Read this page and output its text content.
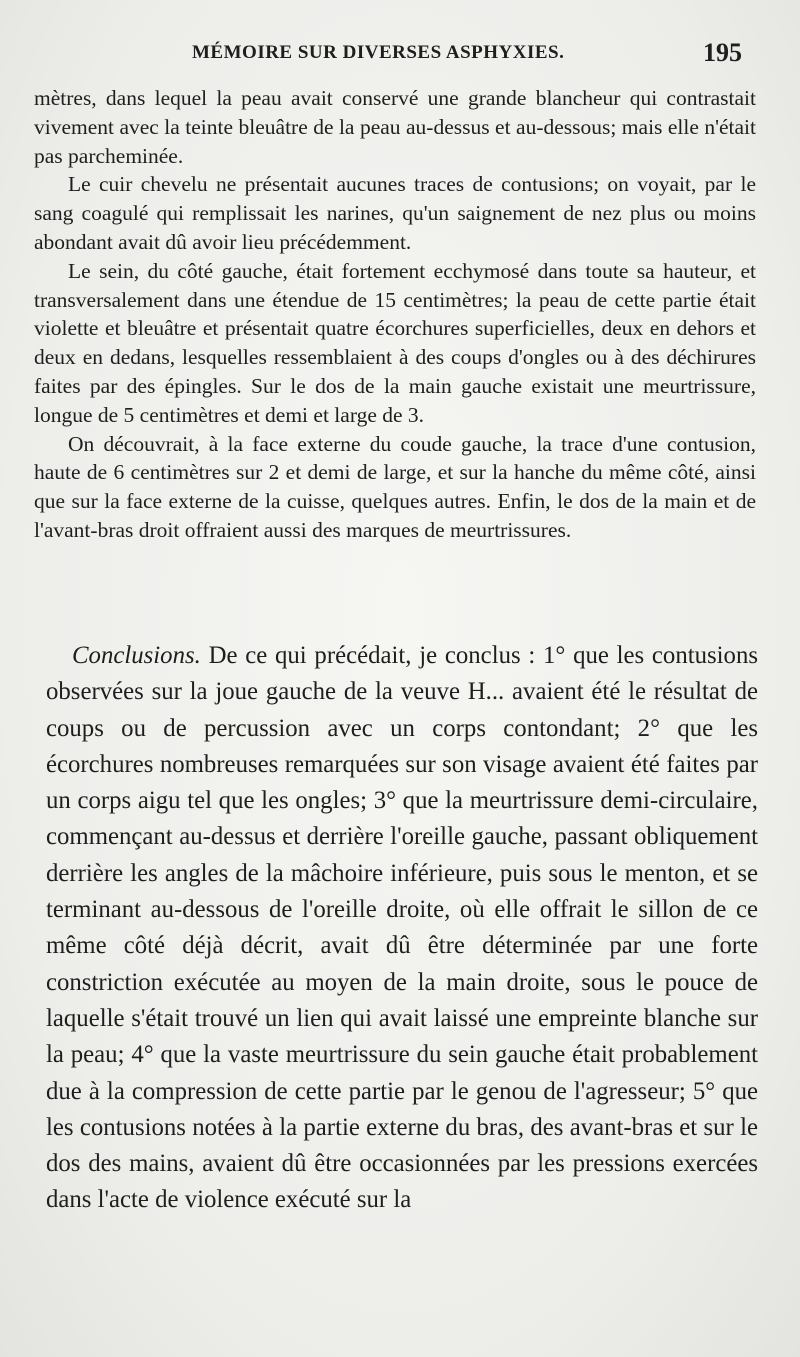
MÉMOIRE SUR DIVERSES ASPHYXIES.	195

mètres, dans lequel la peau avait conservé une grande blancheur qui contrastait vivement avec la teinte bleuâtre de la peau au-dessus et au-dessous; mais elle n'était pas parcheminée.

Le cuir chevelu ne présentait aucunes traces de contusions; on voyait, par le sang coagulé qui remplissait les narines, qu'un saignement de nez plus ou moins abondant avait dû avoir lieu précédemment.

Le sein, du côté gauche, était fortement ecchymosé dans toute sa hauteur, et transversalement dans une étendue de 15 centimètres; la peau de cette partie était violette et bleuâtre et présentait quatre écorchures superficielles, deux en dehors et deux en dedans, lesquelles ressemblaient à des coups d'ongles ou à des déchirures faites par des épingles. Sur le dos de la main gauche existait une meurtrissure, longue de 5 centimètres et demi et large de 3.

On découvrait, à la face externe du coude gauche, la trace d'une contusion, haute de 6 centimètres sur 2 et demi de large, et sur la hanche du même côté, ainsi que sur la face externe de la cuisse, quelques autres. Enfin, le dos de la main et de l'avant-bras droit offraient aussi des marques de meurtrissures.

Conclusions. De ce qui précédait, je conclus : 1° que les contusions observées sur la joue gauche de la veuve H... avaient été le résultat de coups ou de percussion avec un corps contondant; 2° que les écorchures nombreuses remarquées sur son visage avaient été faites par un corps aigu tel que les ongles; 3° que la meurtrissure demi-circulaire, commençant au-dessus et derrière l'oreille gauche, passant obliquement derrière les angles de la mâchoire inférieure, puis sous le menton, et se terminant au-dessous de l'oreille droite, où elle offrait le sillon de ce même côté déjà décrit, avait dû être déterminée par une forte constriction exécutée au moyen de la main droite, sous le pouce de laquelle s'était trouvé un lien qui avait laissé une empreinte blanche sur la peau; 4° que la vaste meurtrissure du sein gauche était probablement due à la compression de cette partie par le genou de l'agresseur; 5° que les contusions notées à la partie externe du bras, des avant-bras et sur le dos des mains, avaient dû être occasionnées par les pressions exercées dans l'acte de violence exécuté sur la
